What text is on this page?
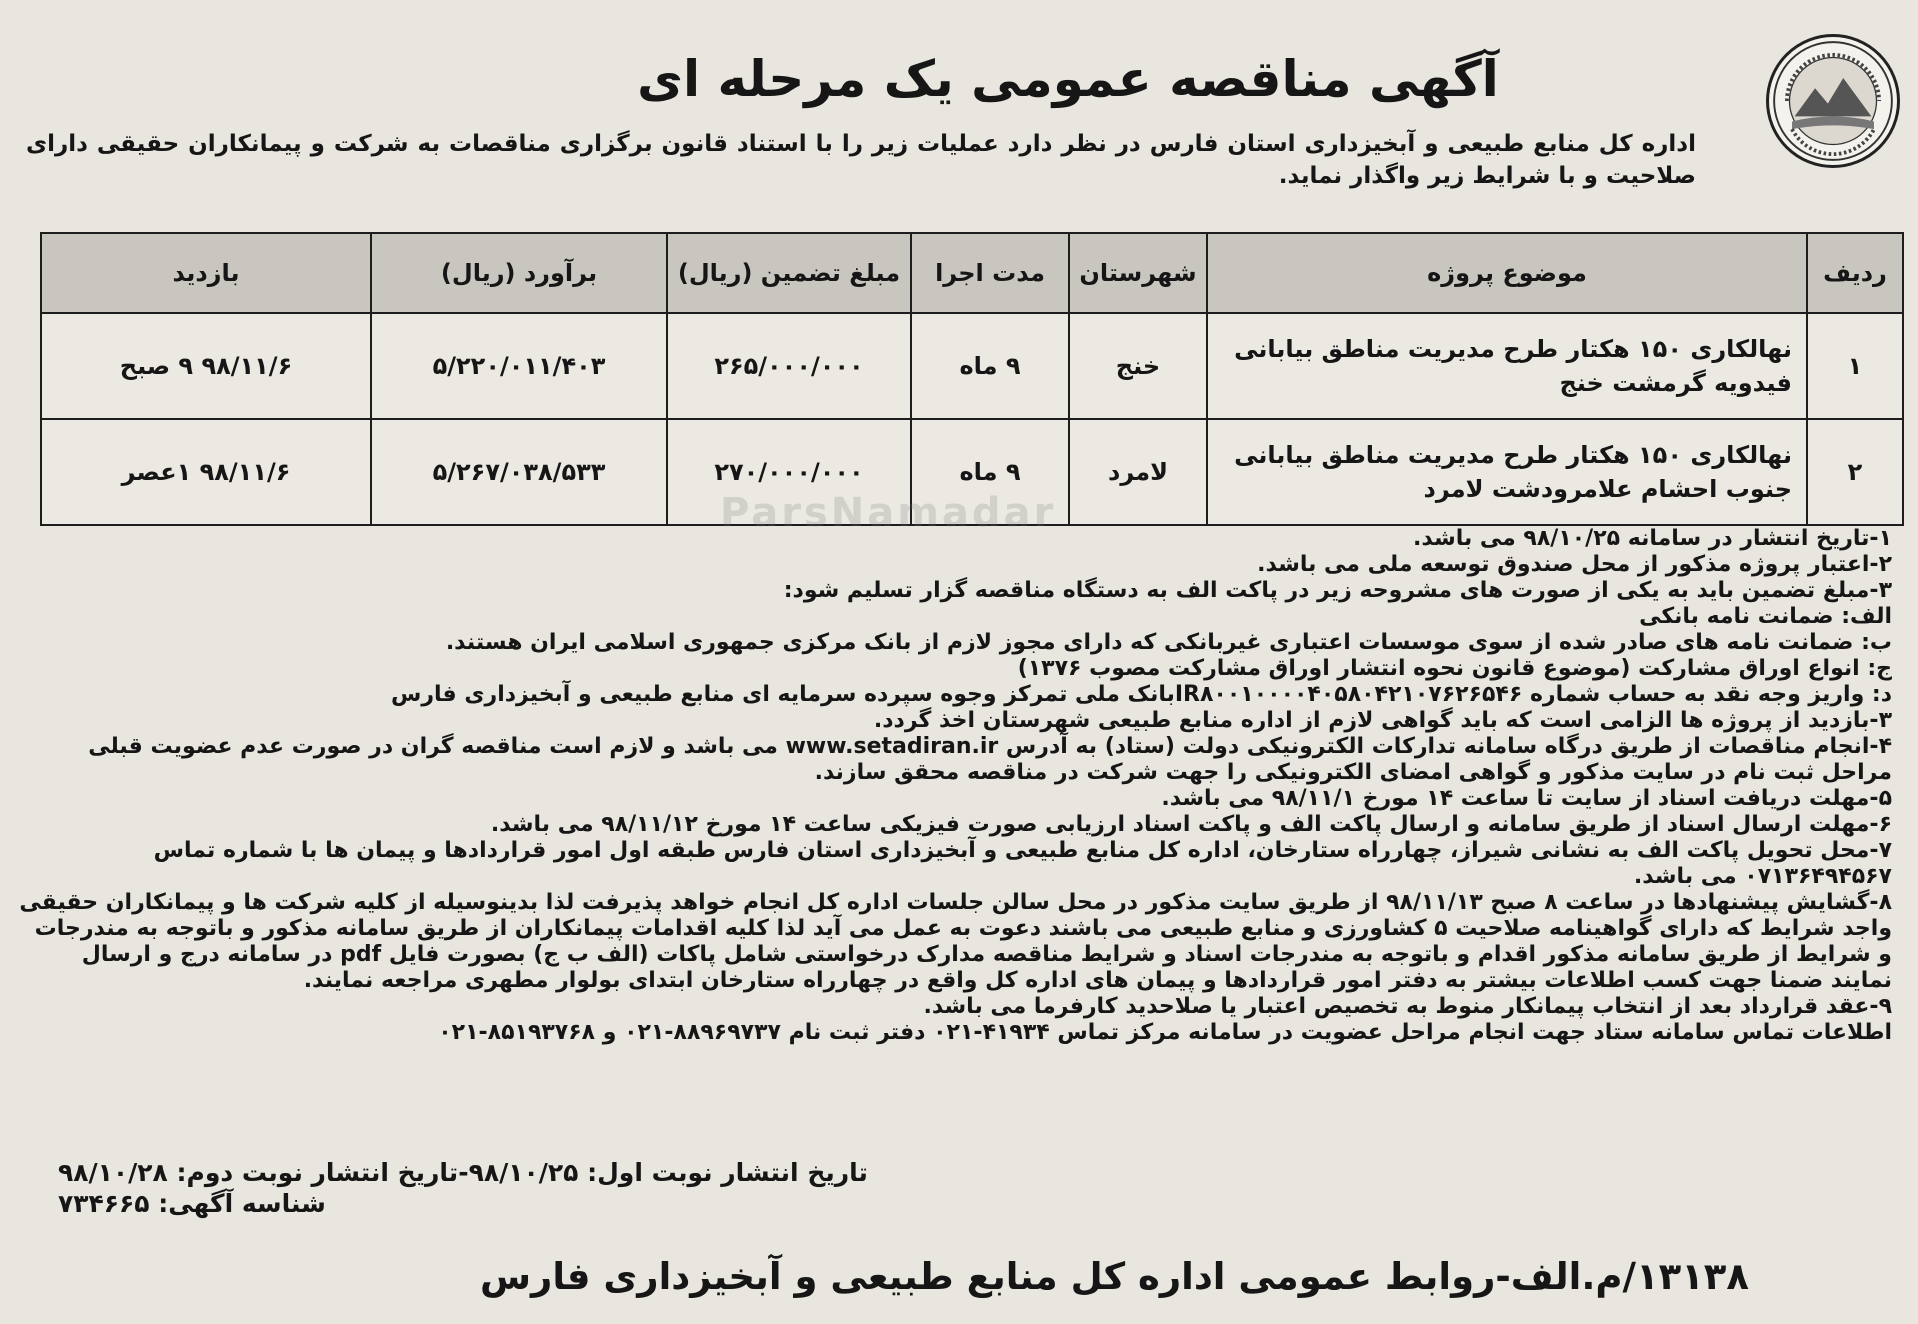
آگهی مناقصه عمومی یک مرحله ای

اداره کل منابع طبیعی و آبخیزداری استان فارس در نظر دارد عملیات زیر را با استناد قانون برگزاری مناقصات به شرکت و پیمانکاران حقیقی دارای صلاحیت و با شرایط زیر واگذار نماید.

ردیف	موضوع پروژه	شهرستان	مدت اجرا	مبلغ تضمین (ریال)	برآورد (ریال)	بازدید
۱	نهالکاری ۱۵۰ هکتار طرح مدیریت مناطق بیابانی فیدویه گرمشت خنج	خنج	۹ ماه	۲۶۵/۰۰۰/۰۰۰	۵/۲۲۰/۰۱۱/۴۰۳	۹۸/۱۱/۶ ۹ صبح
۲	نهالکاری ۱۵۰ هکتار طرح مدیریت مناطق بیابانی جنوب احشام علامرودشت لامرد	لامرد	۹ ماه	۲۷۰/۰۰۰/۰۰۰	۵/۲۶۷/۰۳۸/۵۳۳	۹۸/۱۱/۶ ۱عصر
ParsNamadar
۱-تاریخ انتشار در سامانه ۹۸/۱۰/۲۵ می باشد.
۲-اعتبار پروژه مذکور از محل صندوق توسعه ملی می باشد.
۳-مبلغ تضمین باید به یکی از صورت های مشروحه زیر در پاکت الف به دستگاه مناقصه گزار تسلیم شود:
الف: ضمانت نامه بانکی
ب: ضمانت نامه های صادر شده از سوی موسسات اعتباری غیربانکی که دارای مجوز لازم از بانک مرکزی جمهوری اسلامی ایران هستند.
ج: انواع اوراق مشارکت (موضوع قانون نحوه انتشار اوراق مشارکت مصوب ۱۳۷۶)
د: واریز وجه نقد به حساب شماره IR۸۰۰۱۰۰۰۰۴۰۵۸۰۴۲۱۰۷۶۲۶۵۴۶بانک ملی تمرکز وجوه سپرده سرمایه ای منابع طبیعی و آبخیزداری فارس
۳-بازدید از پروژه ها الزامی است که باید گواهی لازم از اداره منابع طبیعی شهرستان اخذ گردد.
۴-انجام مناقصات از طریق درگاه سامانه تدارکات الکترونیکی دولت (ستاد) به آدرس www.setadiran.ir می باشد و لازم است مناقصه گران در صورت عدم عضویت قبلی مراحل ثبت نام در سایت مذکور و گواهی امضای الکترونیکی را جهت شرکت در مناقصه محقق سازند.
۵-مهلت دریافت اسناد از سایت تا ساعت ۱۴ مورخ ۹۸/۱۱/۱ می باشد.
۶-مهلت ارسال اسناد از طریق سامانه و ارسال پاکت الف و پاکت اسناد ارزیابی صورت فیزیکی ساعت ۱۴ مورخ ۹۸/۱۱/۱۲ می باشد.
۷-محل تحویل پاکت الف به نشانی شیراز، چهارراه ستارخان، اداره کل منابع طبیعی و آبخیزداری استان فارس طبقه اول امور قراردادها و پیمان ها با شماره تماس ۰۷۱۳۶۴۹۴۵۶۷ می باشد.
۸-گشایش پیشنهادها در ساعت ۸ صبح ۹۸/۱۱/۱۳ از طریق سایت مذکور در محل سالن جلسات اداره کل انجام خواهد پذیرفت لذا بدینوسیله از کلیه شرکت ها و پیمانکاران حقیقی واجد شرایط که دارای گواهینامه صلاحیت ۵ کشاورزی و منابع طبیعی می باشند دعوت به عمل می آید لذا کلیه اقدامات پیمانکاران از طریق سامانه مذکور و باتوجه به مندرجات و شرایط از طریق سامانه مذکور اقدام و باتوجه به مندرجات اسناد و شرایط مناقصه مدارک درخواستی شامل پاکات (الف ب ج) بصورت فایل pdf در سامانه درج و ارسال نمایند ضمنا جهت کسب اطلاعات بیشتر به دفتر امور قراردادها و پیمان های اداره کل واقع در چهارراه ستارخان ابتدای بولوار مطهری مراجعه نمایند.
۹-عقد قرارداد بعد از انتخاب پیمانکار منوط به تخصیص اعتبار یا صلاحدید کارفرما می باشد.
اطلاعات تماس سامانه ستاد جهت انجام مراحل عضویت در سامانه مرکز تماس ۴۱۹۳۴-۰۲۱ دفتر ثبت نام ۸۸۹۶۹۷۳۷-۰۲۱ و ۸۵۱۹۳۷۶۸-۰۲۱
تاریخ انتشار نوبت اول: ۹۸/۱۰/۲۵-تاریخ انتشار نوبت دوم: ۹۸/۱۰/۲۸
شناسه آگهی: ۷۳۴۶۶۵
۱۳۱۳۸/م.الف-روابط عمومی اداره کل منابع طبیعی و آبخیزداری فارس
